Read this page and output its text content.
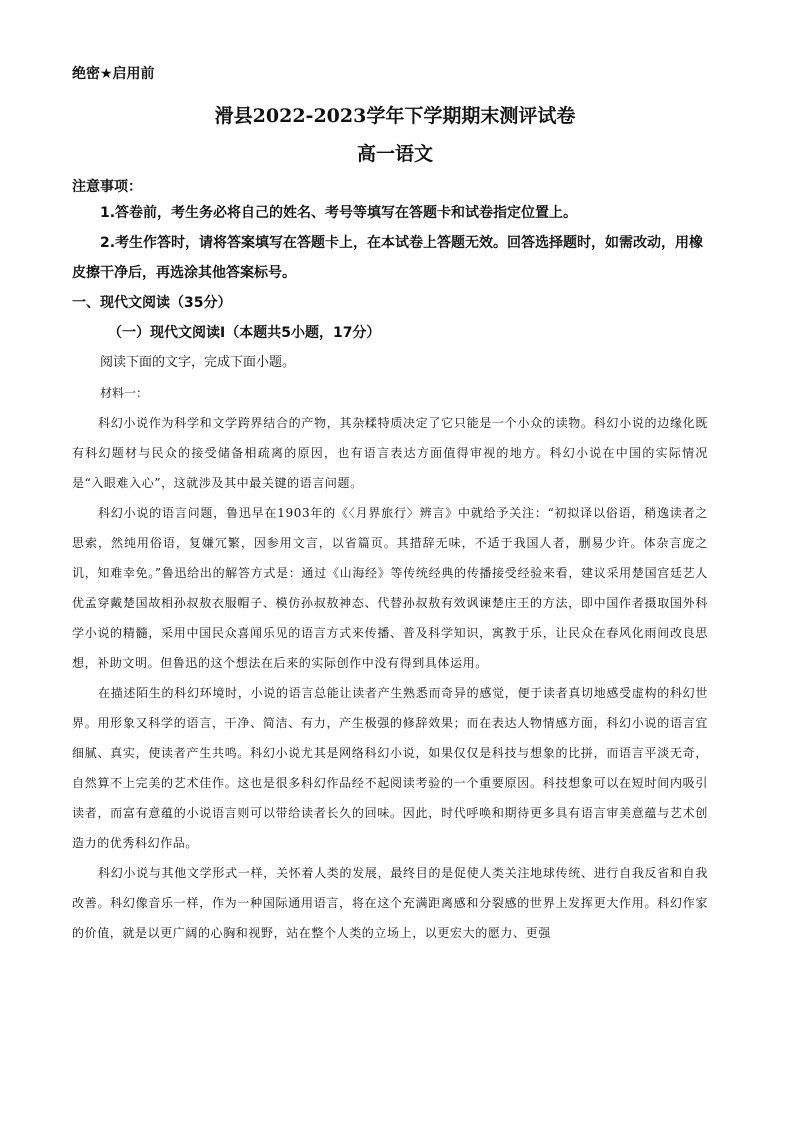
绝密★启用前
滑县2022-2023学年下学期期末测评试卷
高一语文
注意事项：

1.答卷前，考生务必将自己的姓名、考号等填写在答题卡和试卷指定位置上。

2.考生作答时，请将答案填写在答题卡上，在本试卷上答题无效。回答选择题时，如需改动，用橡皮擦干净后，再选涂其他答案标号。

一、现代文阅读（35分）

（一）现代文阅读Ⅰ（本题共5小题，17分）

阅读下面的文字，完成下面小题。

材料一：

科幻小说作为科学和文学跨界结合的产物，其杂糅特质决定了它只能是一个小众的读物。科幻小说的边缘化既有科幻题材与民众的接受储备相疏离的原因，也有语言表达方面值得审视的地方。科幻小说在中国的实际情况是“入眼难入心”，这就涉及其中最关键的语言问题。

科幻小说的语言问题，鲁迅早在1903年的《〈月界旅行〉辨言》中就给予关注：“初拟译以俗语，稍逸读者之思索，然纯用俗语，复嫌冗繁，因参用文言，以省篇页。其措辞无味，不适于我国人者，删易少许。体杂言庞之讥，知难幸免。”鲁迅给出的解答方式是：通过《山海经》等传统经典的传播接受经验来看，建议采用楚国宫廷艺人优孟穿戴楚国故相孙叔敖衣服帽子、模仿孙叔敖神态、代替孙叔敖有效讽谏楚庄王的方法，即中国作者摄取国外科学小说的精髓，采用中国民众喜闻乐见的语言方式来传播、普及科学知识，寓教于乐，让民众在春风化雨间改良思想，补助文明。但鲁迅的这个想法在后来的实际创作中没有得到具体运用。

在描述陌生的科幻环境时，小说的语言总能让读者产生熟悉而奇异的感觉，便于读者真切地感受虚构的科幻世界。用形象又科学的语言，干净、简洁、有力，产生极强的修辞效果；而在表达人物情感方面，科幻小说的语言宜细腻、真实，使读者产生共鸣。科幻小说尤其是网络科幻小说，如果仅仅是科技与想象的比拼，而语言平淡无奇，自然算不上完美的艺术佳作。这也是很多科幻作品经不起阅读考验的一个重要原因。科技想象可以在短时间内吸引读者，而富有意蕴的小说语言则可以带给读者长久的回味。因此，时代呼唤和期待更多具有语言审美意蕴与艺术创造力的优秀科幻作品。

科幻小说与其他文学形式一样，关怀着人类的发展，最终目的是促使人类关注地球传统、进行自我反省和自我改善。科幻像音乐一样，作为一种国际通用语言，将在这个充满距离感和分裂感的世界上发挥更大作用。科幻作家的价值，就是以更广阔的心胸和视野，站在整个人类的立场上，以更宏大的愿力、更强
